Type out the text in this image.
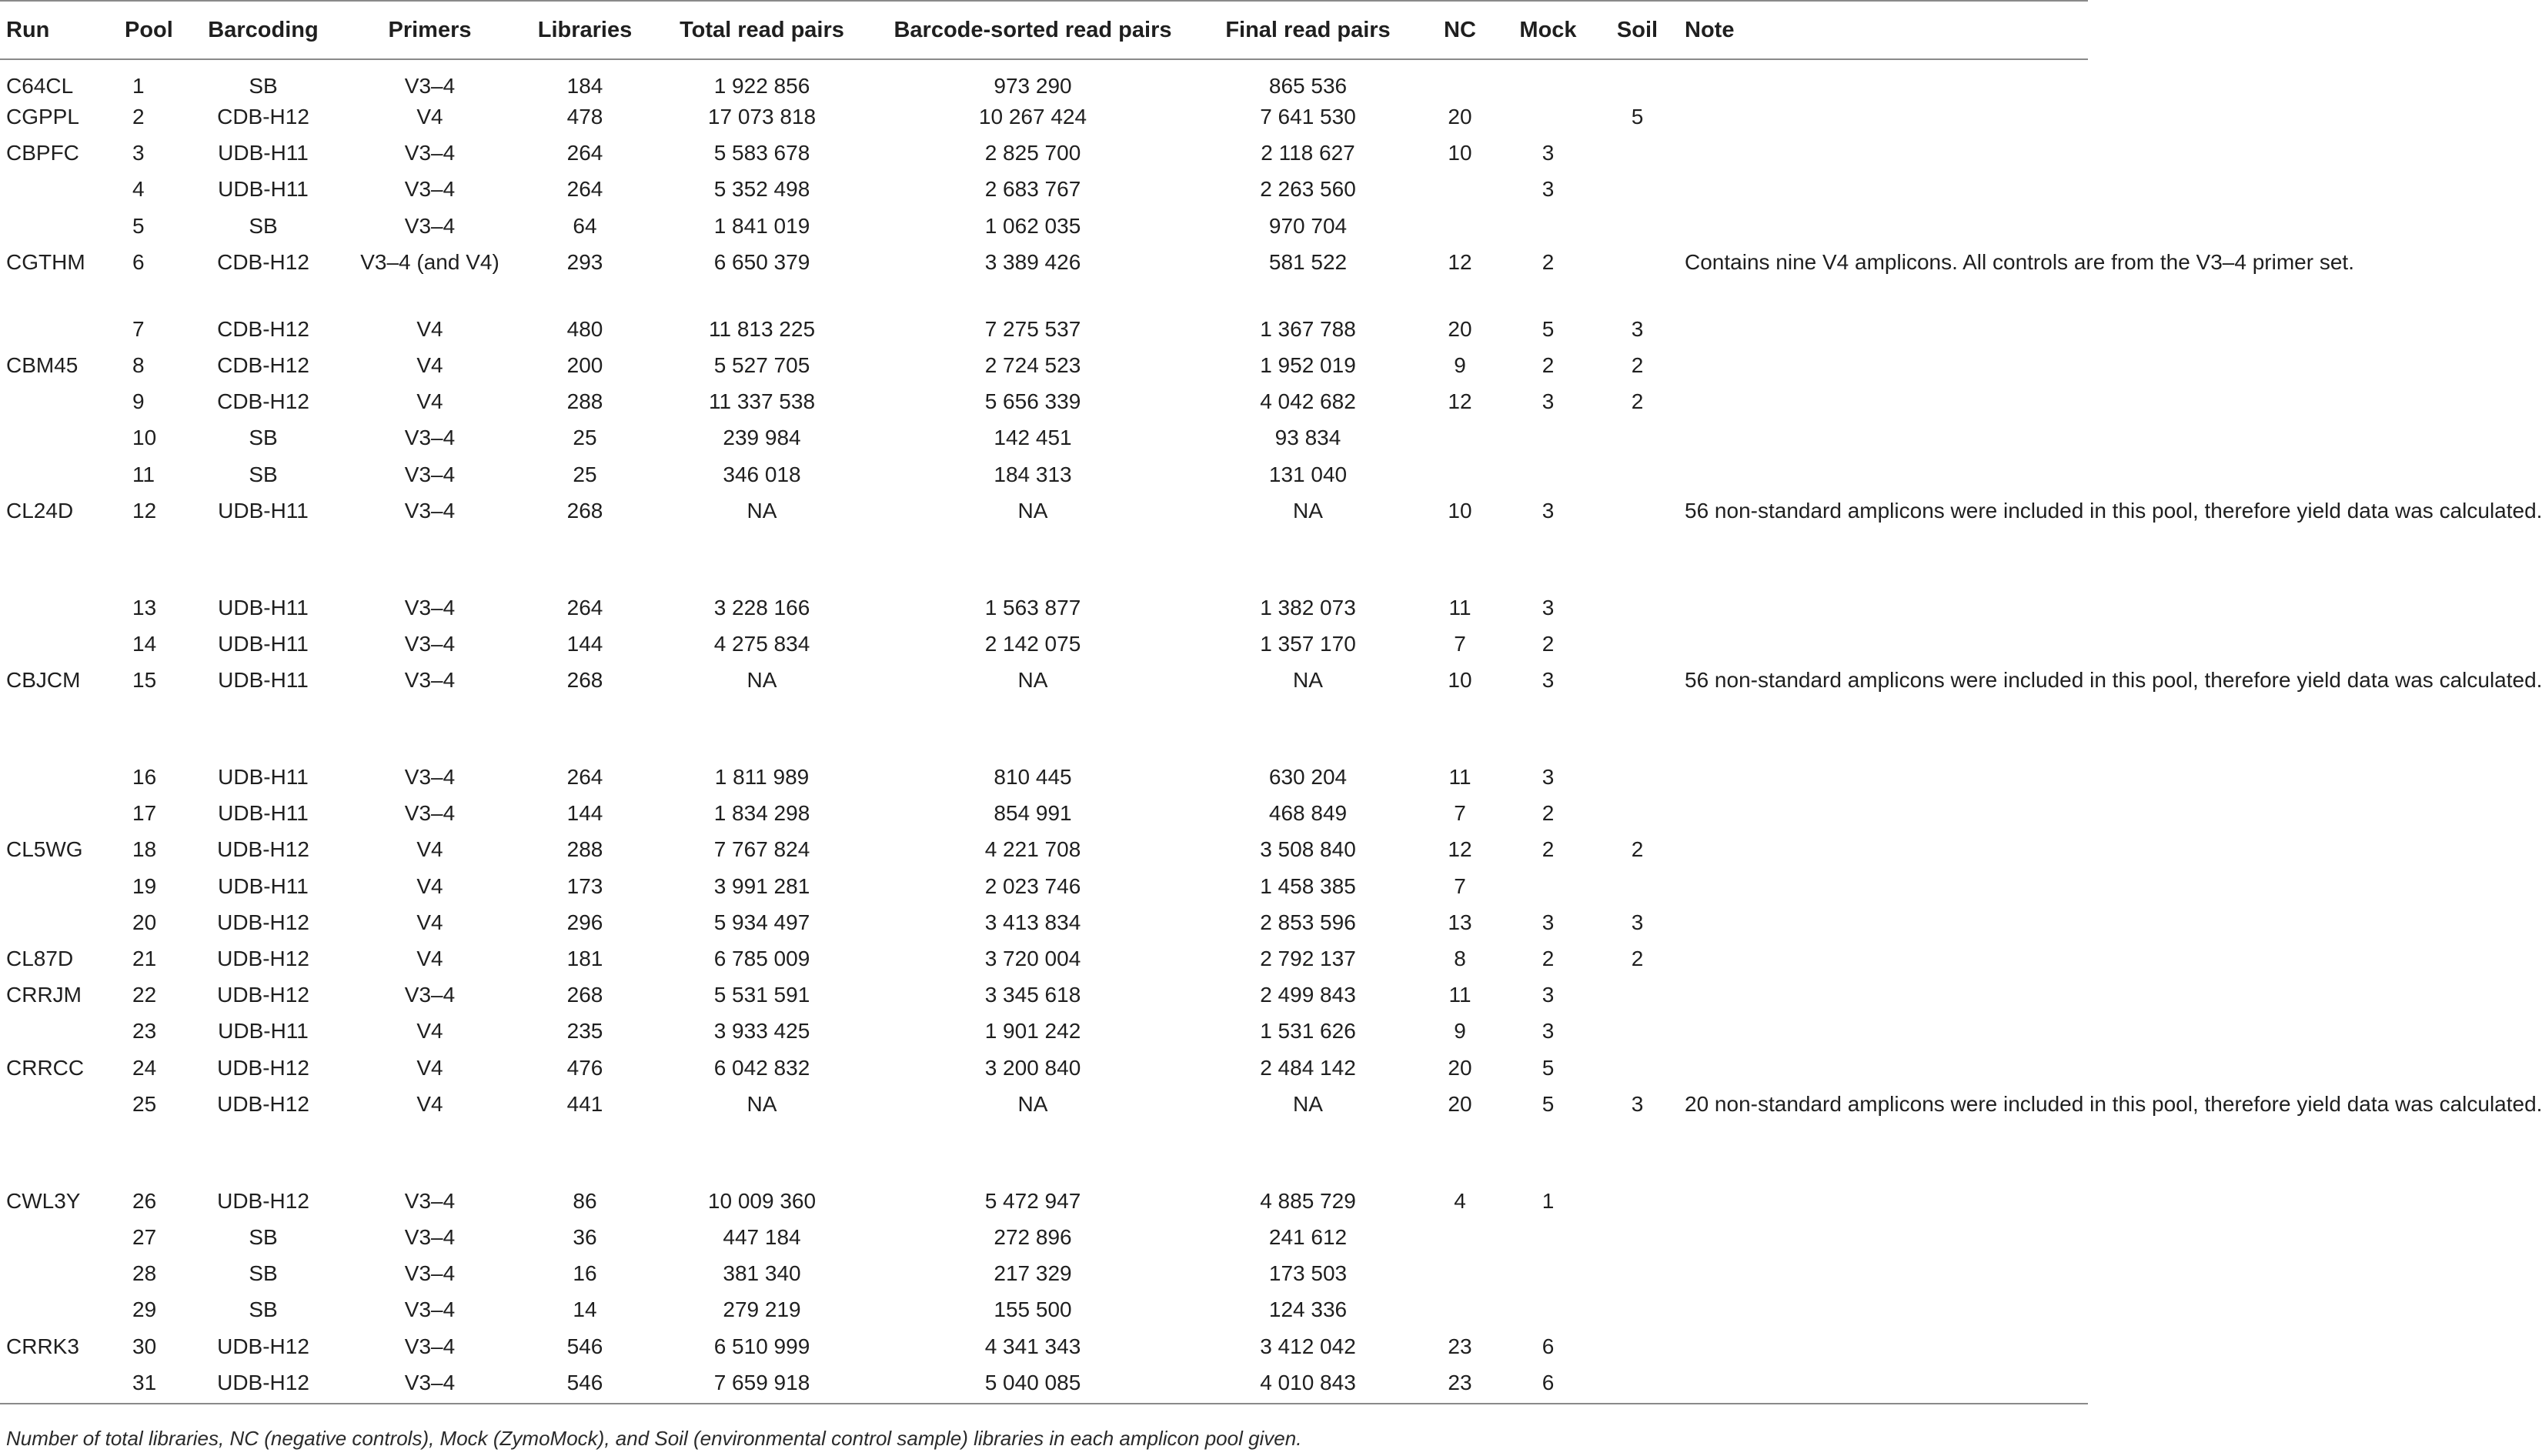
Run	Pool	Barcoding	Primers	Libraries	Total read pairs	Barcode-sorted read pairs	Final read pairs	NC	Mock	Soil	Note
C64CL	1	SB	V3–4	184	1 922 856	973 290	865 536				
CGPPL	2	CDB-H12	V4	478	17 073 818	10 267 424	7 641 530	20		5	
CBPFC	3	UDB-H11	V3–4	264	5 583 678	2 825 700	2 118 627	10	3		
	4	UDB-H11	V3–4	264	5 352 498	2 683 767	2 263 560		3		
	5	SB	V3–4	64	1 841 019	1 062 035	970 704				
CGTHM	6	CDB-H12	V3–4 (and V4)	293	6 650 379	3 389 426	581 522	12	2		Contains nine V4 amplicons. All controls are from the V3–4 primer set.
	7	CDB-H12	V4	480	11 813 225	7 275 537	1 367 788	20	5	3	
CBM45	8	CDB-H12	V4	200	5 527 705	2 724 523	1 952 019	9	2	2	
	9	CDB-H12	V4	288	11 337 538	5 656 339	4 042 682	12	3	2	
	10	SB	V3–4	25	239 984	142 451	93 834				
	11	SB	V3–4	25	346 018	184 313	131 040				
CL24D	12	UDB-H11	V3–4	268	NA	NA	NA	10	3		56 non-standard amplicons were included in this pool, therefore yield data was calculated.
	13	UDB-H11	V3–4	264	3 228 166	1 563 877	1 382 073	11	3		
	14	UDB-H11	V3–4	144	4 275 834	2 142 075	1 357 170	7	2		
CBJCM	15	UDB-H11	V3–4	268	NA	NA	NA	10	3		56 non-standard amplicons were included in this pool, therefore yield data was calculated.
	16	UDB-H11	V3–4	264	1 811 989	810 445	630 204	11	3		
	17	UDB-H11	V3–4	144	1 834 298	854 991	468 849	7	2		
CL5WG	18	UDB-H12	V4	288	7 767 824	4 221 708	3 508 840	12	2	2	
	19	UDB-H11	V4	173	3 991 281	2 023 746	1 458 385	7			
	20	UDB-H12	V4	296	5 934 497	3 413 834	2 853 596	13	3	3	
CL87D	21	UDB-H12	V4	181	6 785 009	3 720 004	2 792 137	8	2	2	
CRRJM	22	UDB-H12	V3–4	268	5 531 591	3 345 618	2 499 843	11	3		
	23	UDB-H11	V4	235	3 933 425	1 901 242	1 531 626	9	3		
CRRCC	24	UDB-H12	V4	476	6 042 832	3 200 840	2 484 142	20	5		
	25	UDB-H12	V4	441	NA	NA	NA	20	5	3	20 non-standard amplicons were included in this pool, therefore yield data was calculated.
CWL3Y	26	UDB-H12	V3–4	86	10 009 360	5 472 947	4 885 729	4	1		
	27	SB	V3–4	36	447 184	272 896	241 612				
	28	SB	V3–4	16	381 340	217 329	173 503				
	29	SB	V3–4	14	279 219	155 500	124 336				
CRRK3	30	UDB-H12	V3–4	546	6 510 999	4 341 343	3 412 042	23	6		
	31	UDB-H12	V3–4	546	7 659 918	5 040 085	4 010 843	23	6		
Number of total libraries, NC (negative controls), Mock (ZymoMock), and Soil (environmental control sample) libraries in each amplicon pool given.
